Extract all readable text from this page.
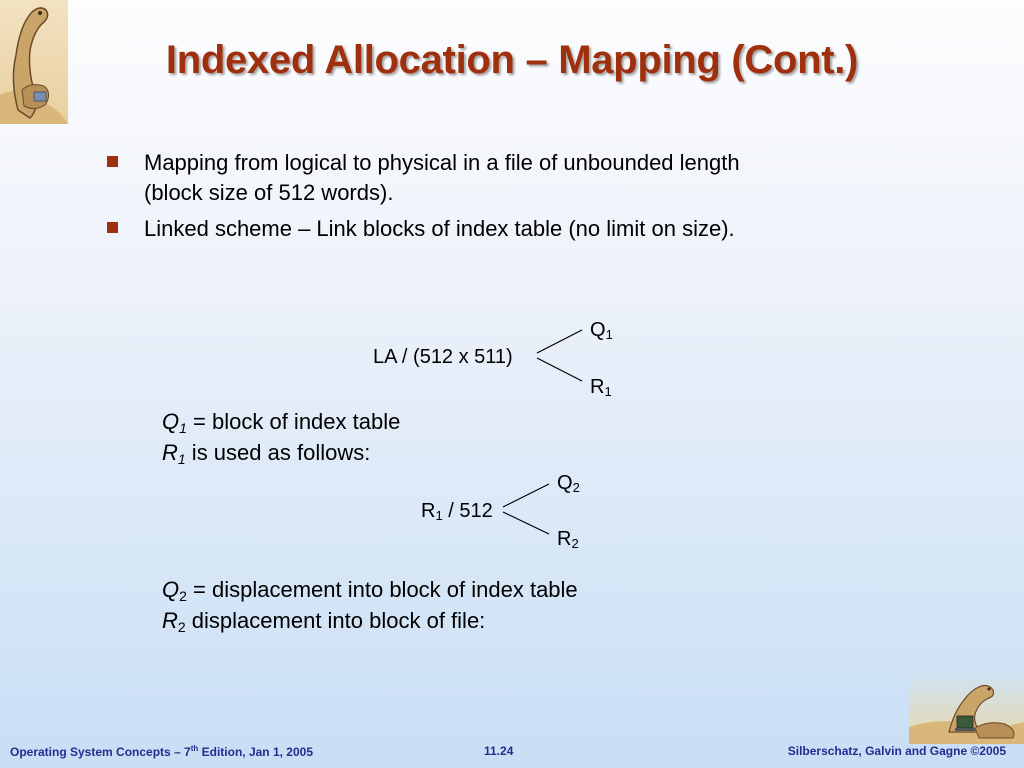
Indexed Allocation – Mapping (Cont.)
Mapping from logical to physical in a file of unbounded length (block size of 512 words).
Linked scheme – Link blocks of index table (no limit on size).
LA / (512 x 511)
$Q_1$
$R_1$
$Q_1$ = block of index table
$R_1$ is used as follows:
$R_1 / 512$
$Q_2$
$R_2$
$Q_2$ = displacement into block of index table
$R_2$ displacement into block of file:
Operating System Concepts – 7th Edition, Jan 1, 2005	11.24	Silberschatz, Galvin and Gagne ©2005
